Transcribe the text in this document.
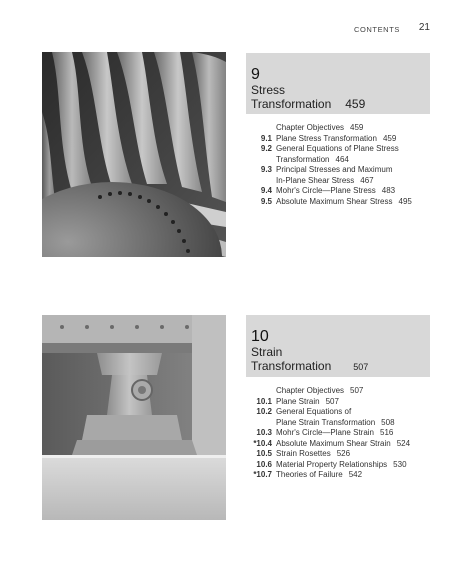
CONTENTS 21
9
Stress
Transformation 459
Chapter Objectives 459
9.1 Plane Stress Transformation 459
9.2 General Equations of Plane Stress
Transformation 464
9.3 Principal Stresses and Maximum
In-Plane Shear Stress 467
9.4 Mohr's Circle—Plane Stress 483
9.5 Absolute Maximum Shear Stress 495
10
Strain
Transformation 507
Chapter Objectives 507
10.1 Plane Strain 507
10.2 General Equations of
Plane Strain Transformation 508
10.3 Mohr's Circle—Plane Strain 516
*10.4 Absolute Maximum Shear Strain 524
10.5 Strain Rosettes 526
10.6 Material Property Relationships 530
*10.7 Theories of Failure 542
